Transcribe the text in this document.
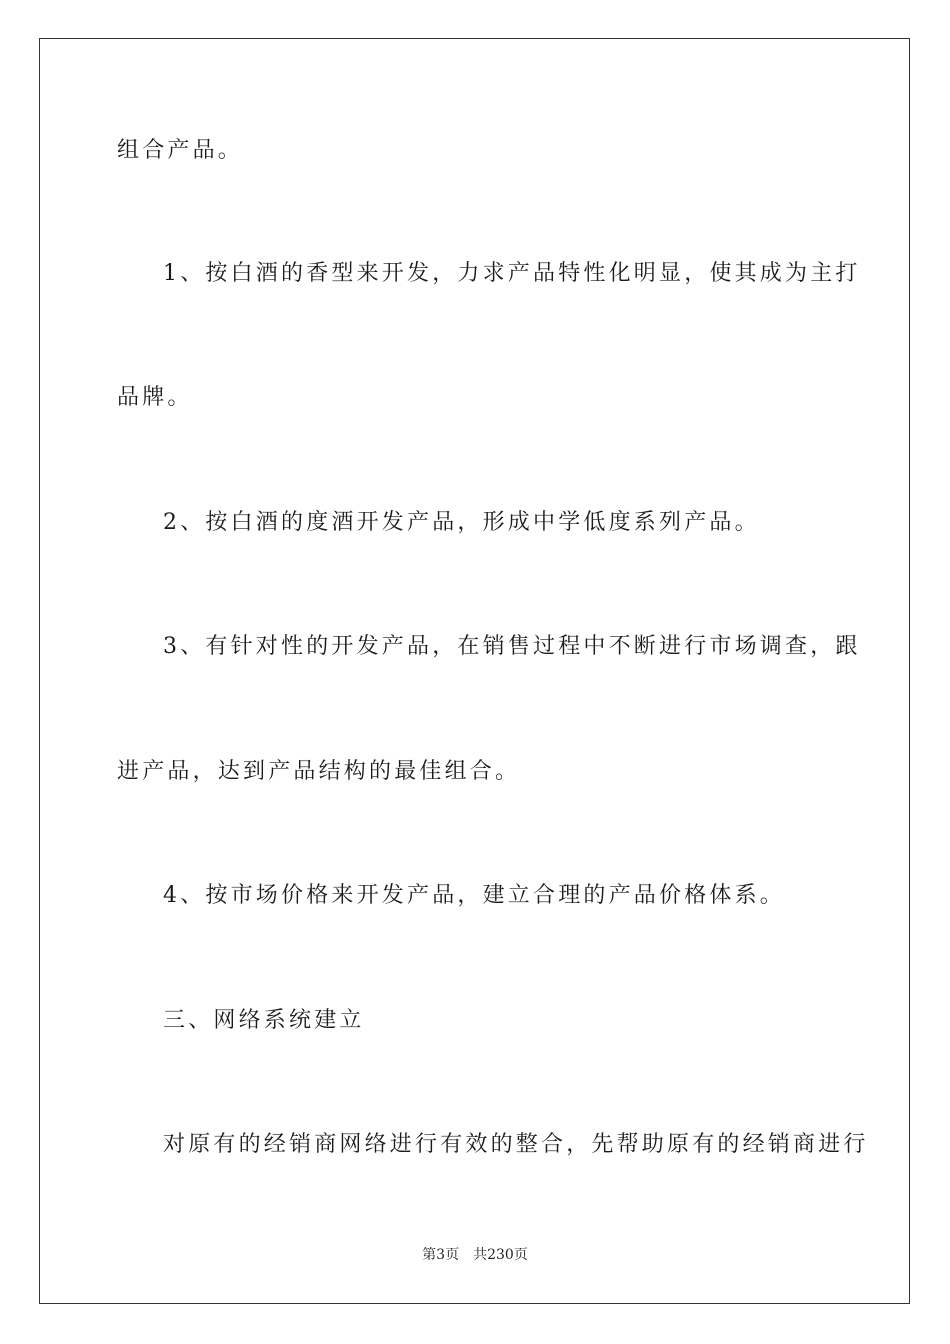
组合产品。
1、按白酒的香型来开发，力求产品特性化明显，使其成为主打
品牌。
2、按白酒的度酒开发产品，形成中学低度系列产品。
3、有针对性的开发产品，在销售过程中不断进行市场调查，跟
进产品，达到产品结构的最佳组合。
4、按市场价格来开发产品，建立合理的产品价格体系。
三、网络系统建立
对原有的经销商网络进行有效的整合，先帮助原有的经销商进行
第3页 共230页
